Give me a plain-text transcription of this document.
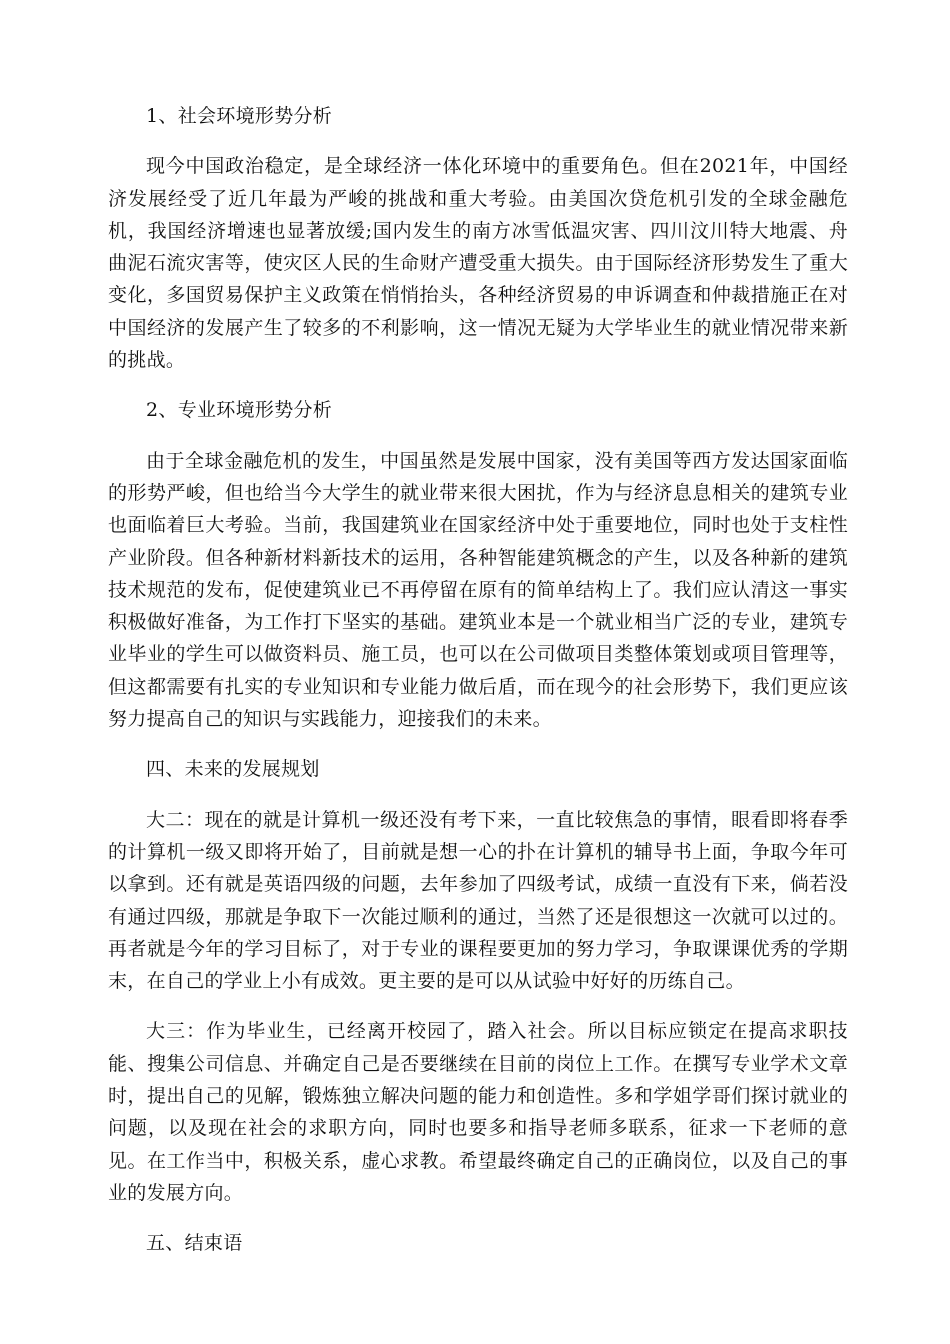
1、社会环境形势分析

现今中国政治稳定，是全球经济一体化环境中的重要角色。但在2021年，中国经济发展经受了近几年最为严峻的挑战和重大考验。由美国次贷危机引发的全球金融危机，我国经济增速也显著放缓;国内发生的南方冰雪低温灾害、四川汶川特大地震、舟曲泥石流灾害等，使灾区人民的生命财产遭受重大损失。由于国际经济形势发生了重大变化，多国贸易保护主义政策在悄悄抬头，各种经济贸易的申诉调查和仲裁措施正在对中国经济的发展产生了较多的不利影响，这一情况无疑为大学毕业生的就业情况带来新的挑战。

2、专业环境形势分析

由于全球金融危机的发生，中国虽然是发展中国家，没有美国等西方发达国家面临的形势严峻，但也给当今大学生的就业带来很大困扰，作为与经济息息相关的建筑专业也面临着巨大考验。当前，我国建筑业在国家经济中处于重要地位，同时也处于支柱性产业阶段。但各种新材料新技术的运用，各种智能建筑概念的产生，以及各种新的建筑技术规范的发布，促使建筑业已不再停留在原有的简单结构上了。我们应认清这一事实积极做好准备，为工作打下坚实的基础。建筑业本是一个就业相当广泛的专业，建筑专业毕业的学生可以做资料员、施工员，也可以在公司做项目类整体策划或项目管理等，但这都需要有扎实的专业知识和专业能力做后盾，而在现今的社会形势下，我们更应该努力提高自己的知识与实践能力，迎接我们的未来。

四、未来的发展规划

大二：现在的就是计算机一级还没有考下来，一直比较焦急的事情，眼看即将春季的计算机一级又即将开始了，目前就是想一心的扑在计算机的辅导书上面，争取今年可以拿到。还有就是英语四级的问题，去年参加了四级考试，成绩一直没有下来，倘若没有通过四级，那就是争取下一次能过顺利的通过，当然了还是很想这一次就可以过的。再者就是今年的学习目标了，对于专业的课程要更加的努力学习，争取课课优秀的学期末，在自己的学业上小有成效。更主要的是可以从试验中好好的历练自己。

大三：作为毕业生，已经离开校园了，踏入社会。所以目标应锁定在提高求职技能、搜集公司信息、并确定自己是否要继续在目前的岗位上工作。在撰写专业学术文章时，提出自己的见解，锻炼独立解决问题的能力和创造性。多和学姐学哥们探讨就业的问题，以及现在社会的求职方向，同时也要多和指导老师多联系，征求一下老师的意见。在工作当中，积极关系，虚心求教。希望最终确定自己的正确岗位，以及自己的事业的发展方向。

五、结束语
